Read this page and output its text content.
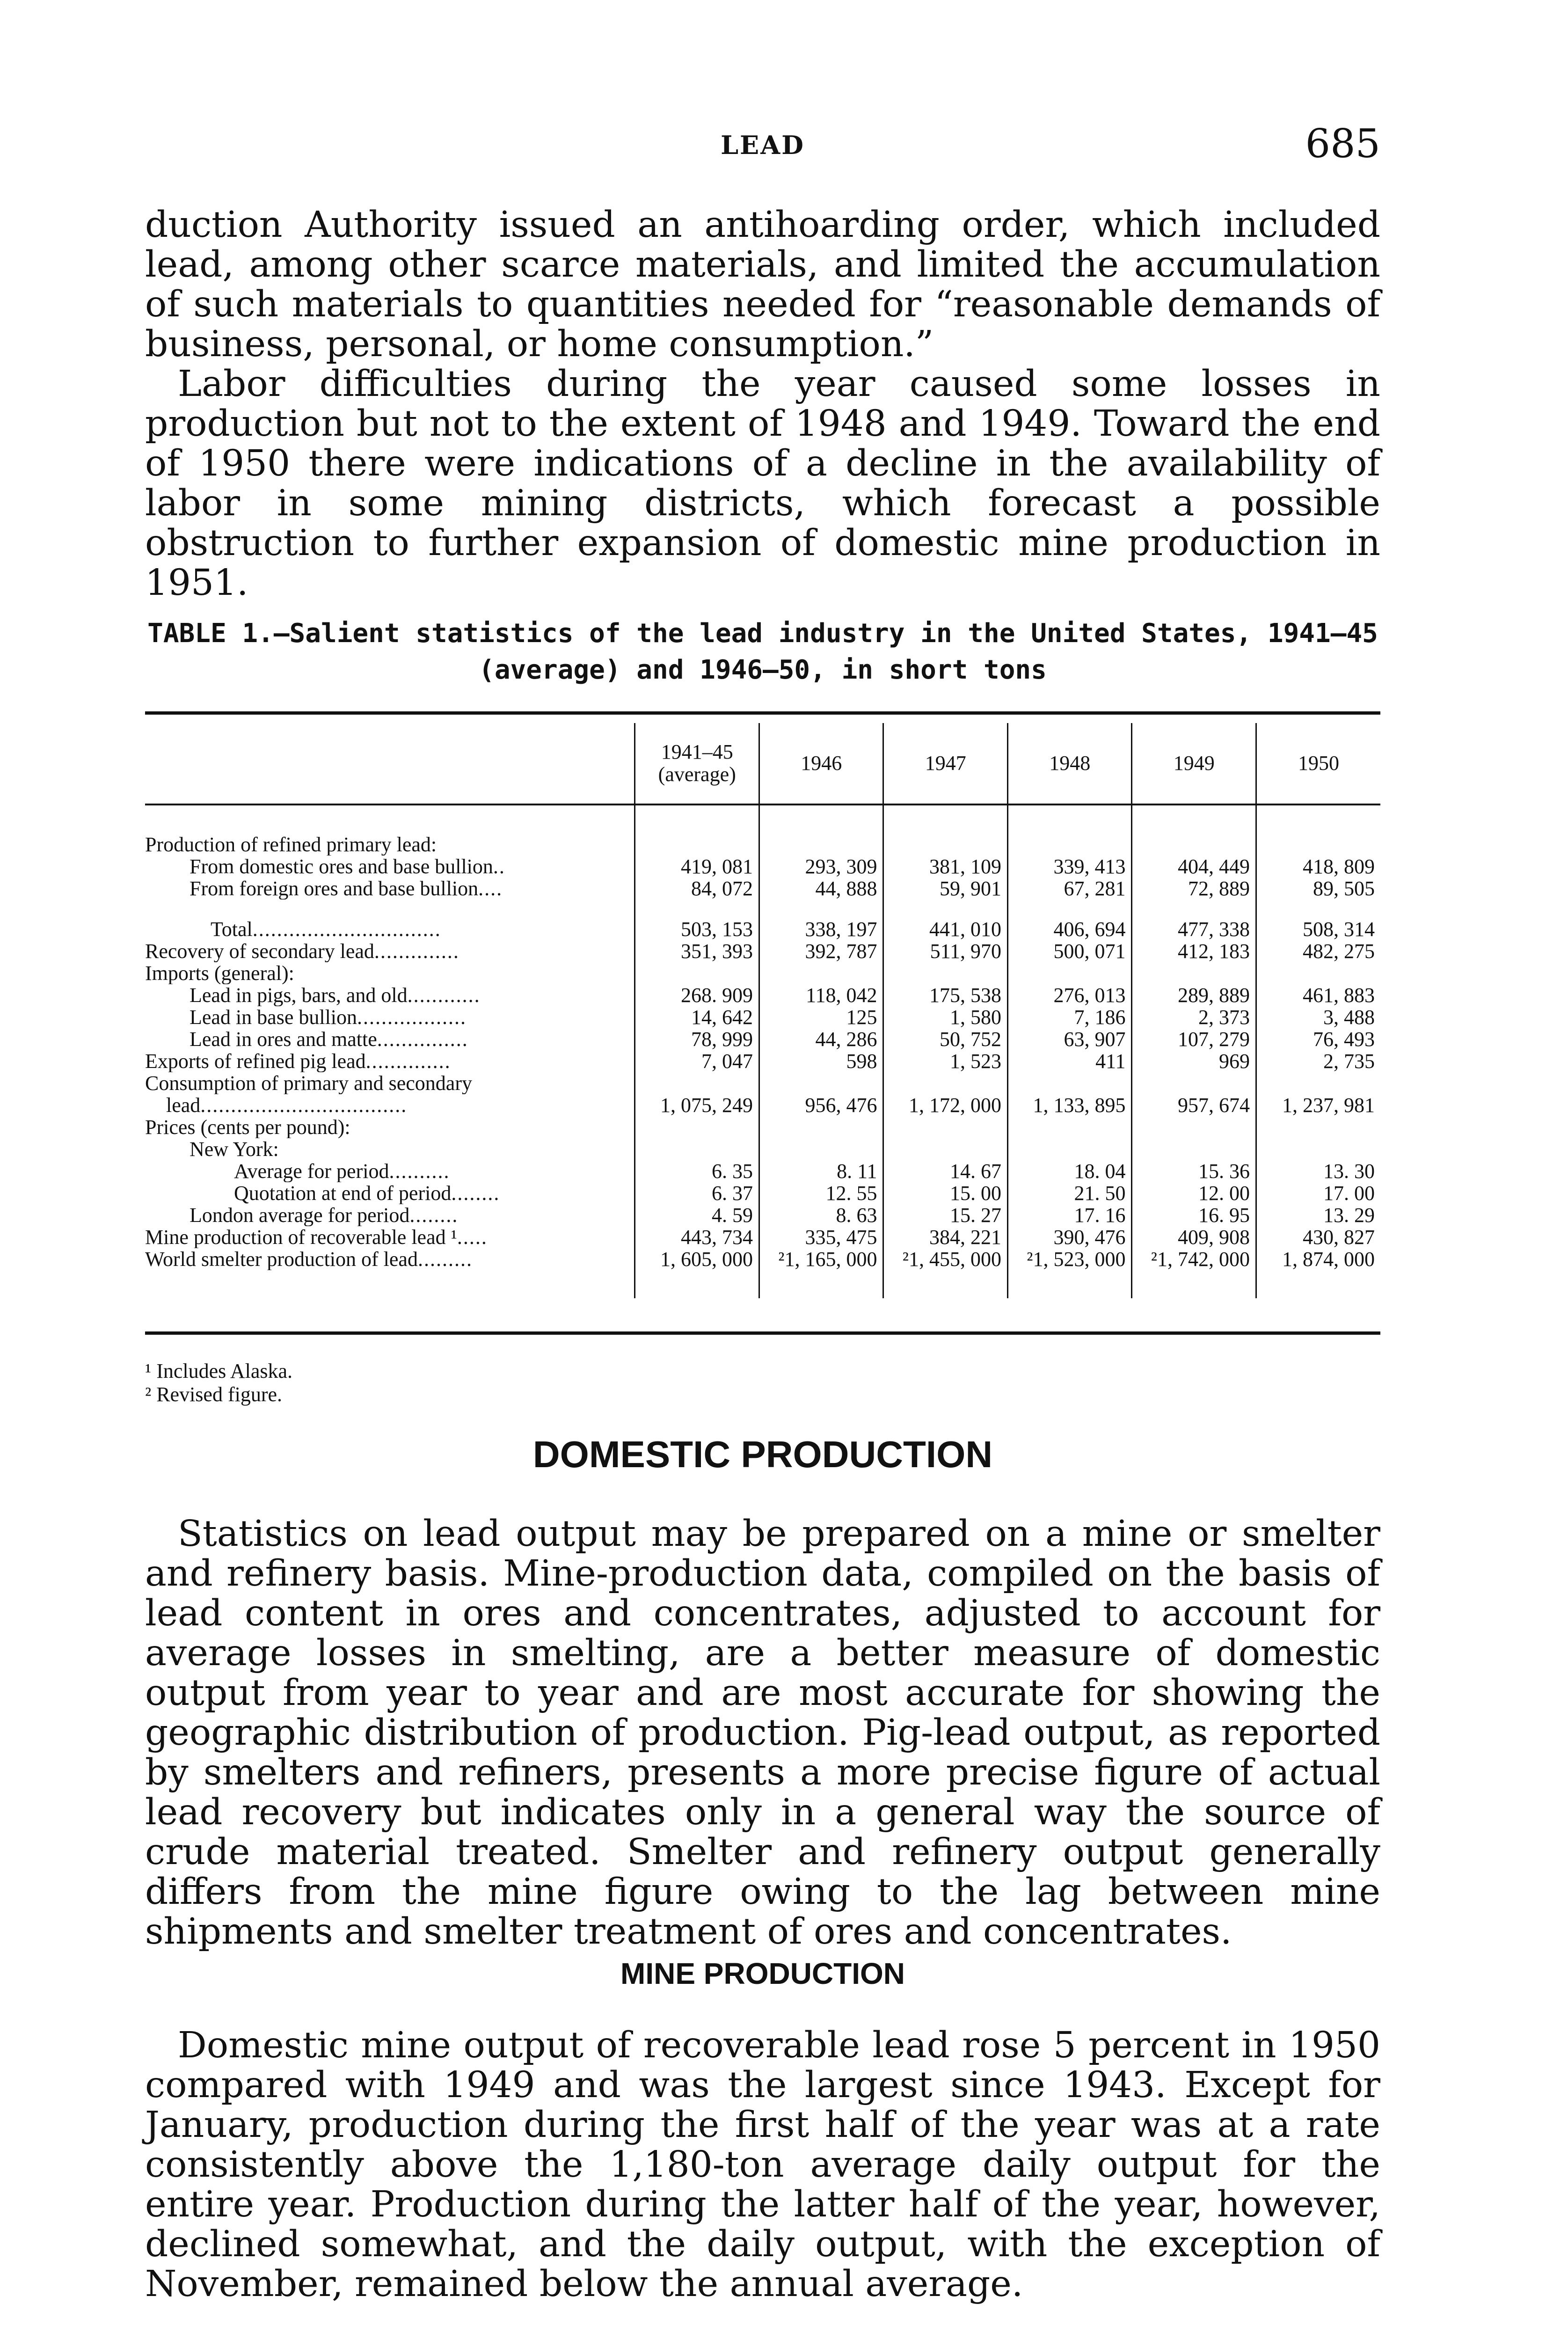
LEAD	685

duction Authority issued an antihoarding order, which included lead, among other scarce materials, and limited the accumulation of such materials to quantities needed for “reasonable demands of business, personal, or home consumption.”

Labor difficulties during the year caused some losses in production but not to the extent of 1948 and 1949. Toward the end of 1950 there were indications of a decline in the availability of labor in some mining districts, which forecast a possible obstruction to further expansion of domestic mine production in 1951.

TABLE 1.—Salient statistics of the lead industry in the United States, 1941–45
(average) and 1946–50, in short tons
	1941–45 (average)	1946	1947	1948	1949	1950

Production of refined primary lead:						
From domestic ores and base bullion..	419, 081	293, 309	381, 109	339, 413	404, 449	418, 809
From foreign ores and base bullion....	84, 072	44, 888	59, 901	67, 281	72, 889	89, 505

Total...............................	503, 153	338, 197	441, 010	406, 694	477, 338	508, 314
Recovery of secondary lead..............	351, 393	392, 787	511, 970	500, 071	412, 183	482, 275
Imports (general):						
Lead in pigs, bars, and old............	268. 909	118, 042	175, 538	276, 013	289, 889	461, 883
Lead in base bullion..................	14, 642	125	1, 580	7, 186	2, 373	3, 488
Lead in ores and matte...............	78, 999	44, 286	50, 752	63, 907	107, 279	76, 493
Exports of refined pig lead..............	7, 047	598	1, 523	411	969	2, 735
Consumption of primary and secondary						
lead..................................	1, 075, 249	956, 476	1, 172, 000	1, 133, 895	957, 674	1, 237, 981
Prices (cents per pound):						
New York:						
Average for period..........	6. 35	8. 11	14. 67	18. 04	15. 36	13. 30
Quotation at end of period........	6. 37	12. 55	15. 00	21. 50	12. 00	17. 00
London average for period........	4. 59	8. 63	15. 27	17. 16	16. 95	13. 29
Mine production of recoverable lead ¹.....	443, 734	335, 475	384, 221	390, 476	409, 908	430, 827
World smelter production of lead.........	1, 605, 000	²1, 165, 000	²1, 455, 000	²1, 523, 000	²1, 742, 000	1, 874, 000

¹ Includes Alaska.
² Revised figure.
DOMESTIC PRODUCTION

Statistics on lead output may be prepared on a mine or smelter and refinery basis. Mine-production data, compiled on the basis of lead content in ores and concentrates, adjusted to account for average losses in smelting, are a better measure of domestic output from year to year and are most accurate for showing the geographic distribution of production. Pig-lead output, as reported by smelters and refiners, presents a more precise figure of actual lead recovery but indicates only in a general way the source of crude material treated. Smelter and refinery output generally differs from the mine figure owing to the lag between mine shipments and smelter treatment of ores and concentrates.

MINE PRODUCTION

Domestic mine output of recoverable lead rose 5 percent in 1950 compared with 1949 and was the largest since 1943. Except for January, production during the first half of the year was at a rate consistently above the 1,180-ton average daily output for the entire year. Production during the latter half of the year, however, declined somewhat, and the daily output, with the exception of November, remained below the annual average.
